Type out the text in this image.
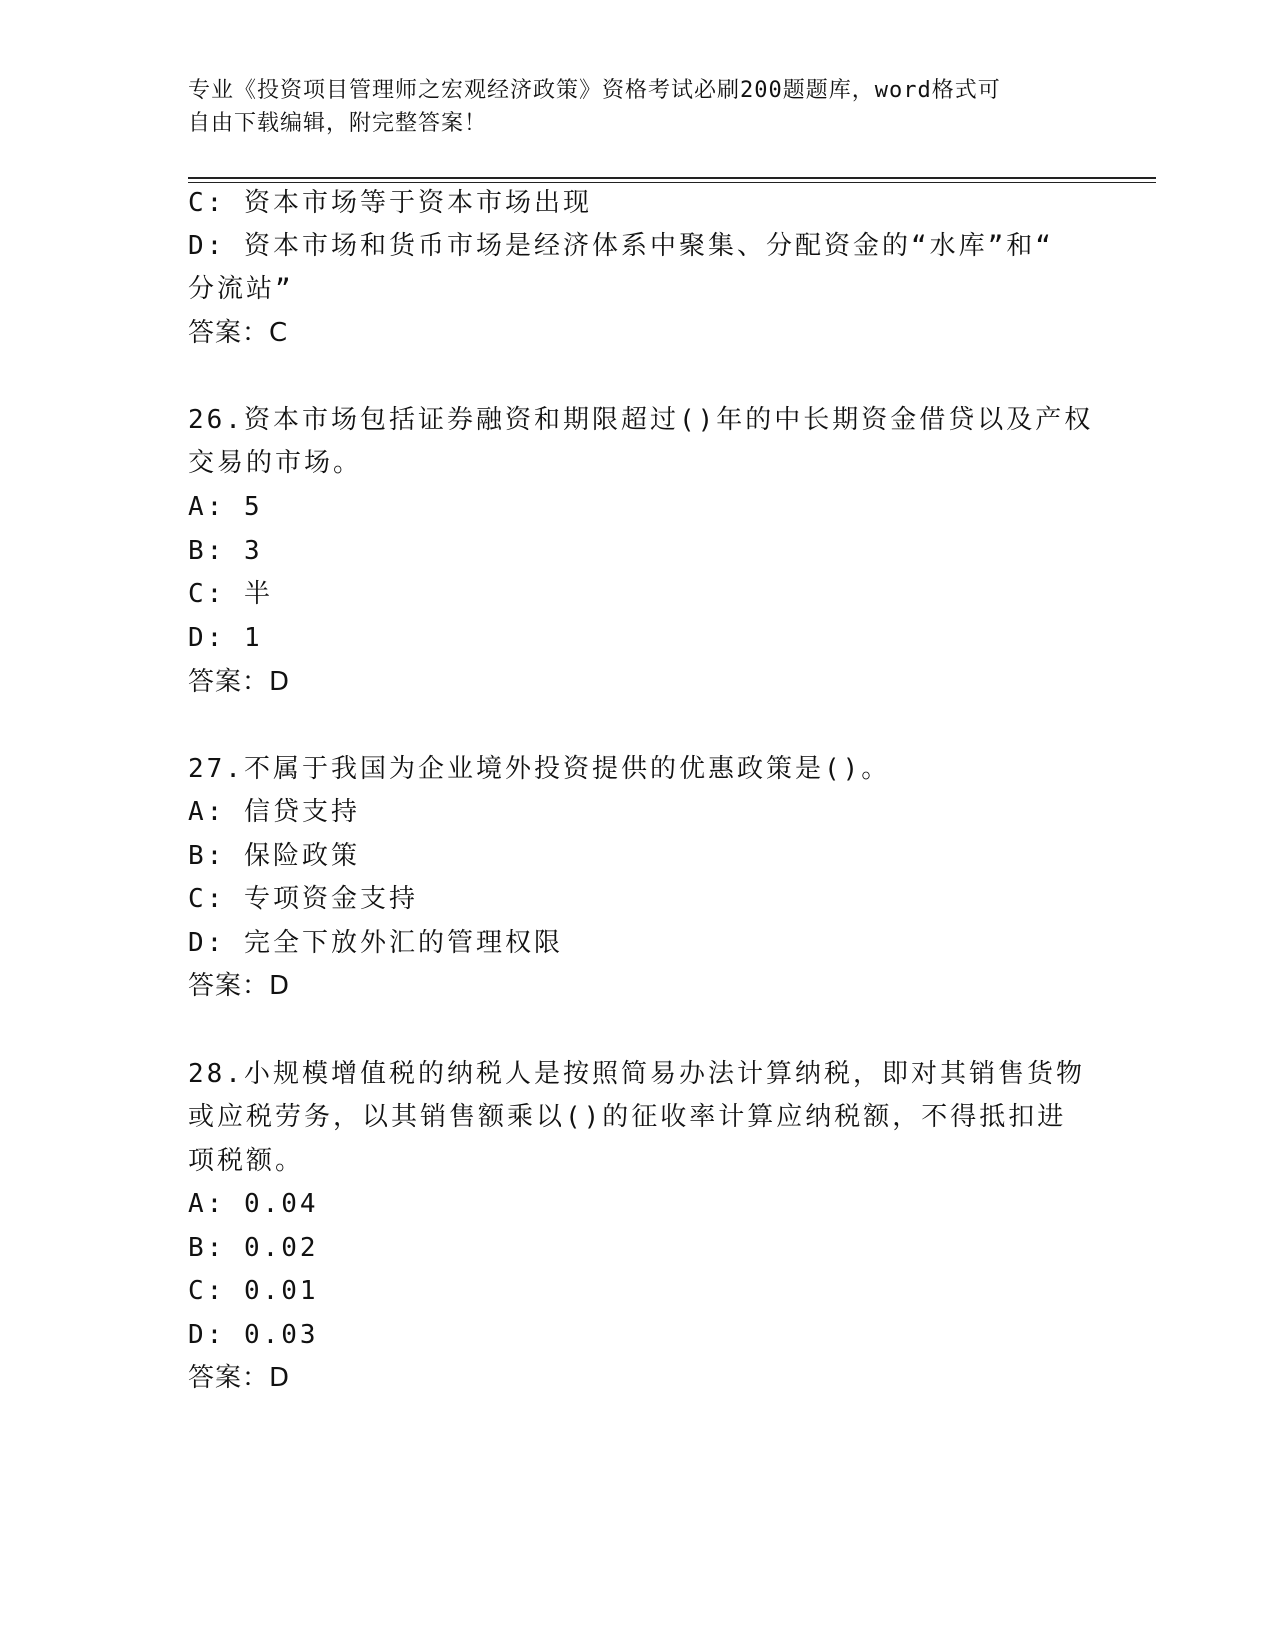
专业《投资项目管理师之宏观经济政策》资格考试必刷200题题库，word格式可
自由下载编辑，附完整答案！
C: 资本市场等于资本市场出现
D: 资本市场和货币市场是经济体系中聚集、分配资金的“水库”和“
分流站”
答案：C
26.资本市场包括证券融资和期限超过()年的中长期资金借贷以及产权
交易的市场。
A: 5
B: 3
C: 半
D: 1
答案：D
27.不属于我国为企业境外投资提供的优惠政策是()。
A: 信贷支持
B: 保险政策
C: 专项资金支持
D: 完全下放外汇的管理权限
答案：D
28.小规模增值税的纳税人是按照简易办法计算纳税，即对其销售货物
或应税劳务，以其销售额乘以()的征收率计算应纳税额，不得抵扣进
项税额。
A: 0.04
B: 0.02
C: 0.01
D: 0.03
答案：D
